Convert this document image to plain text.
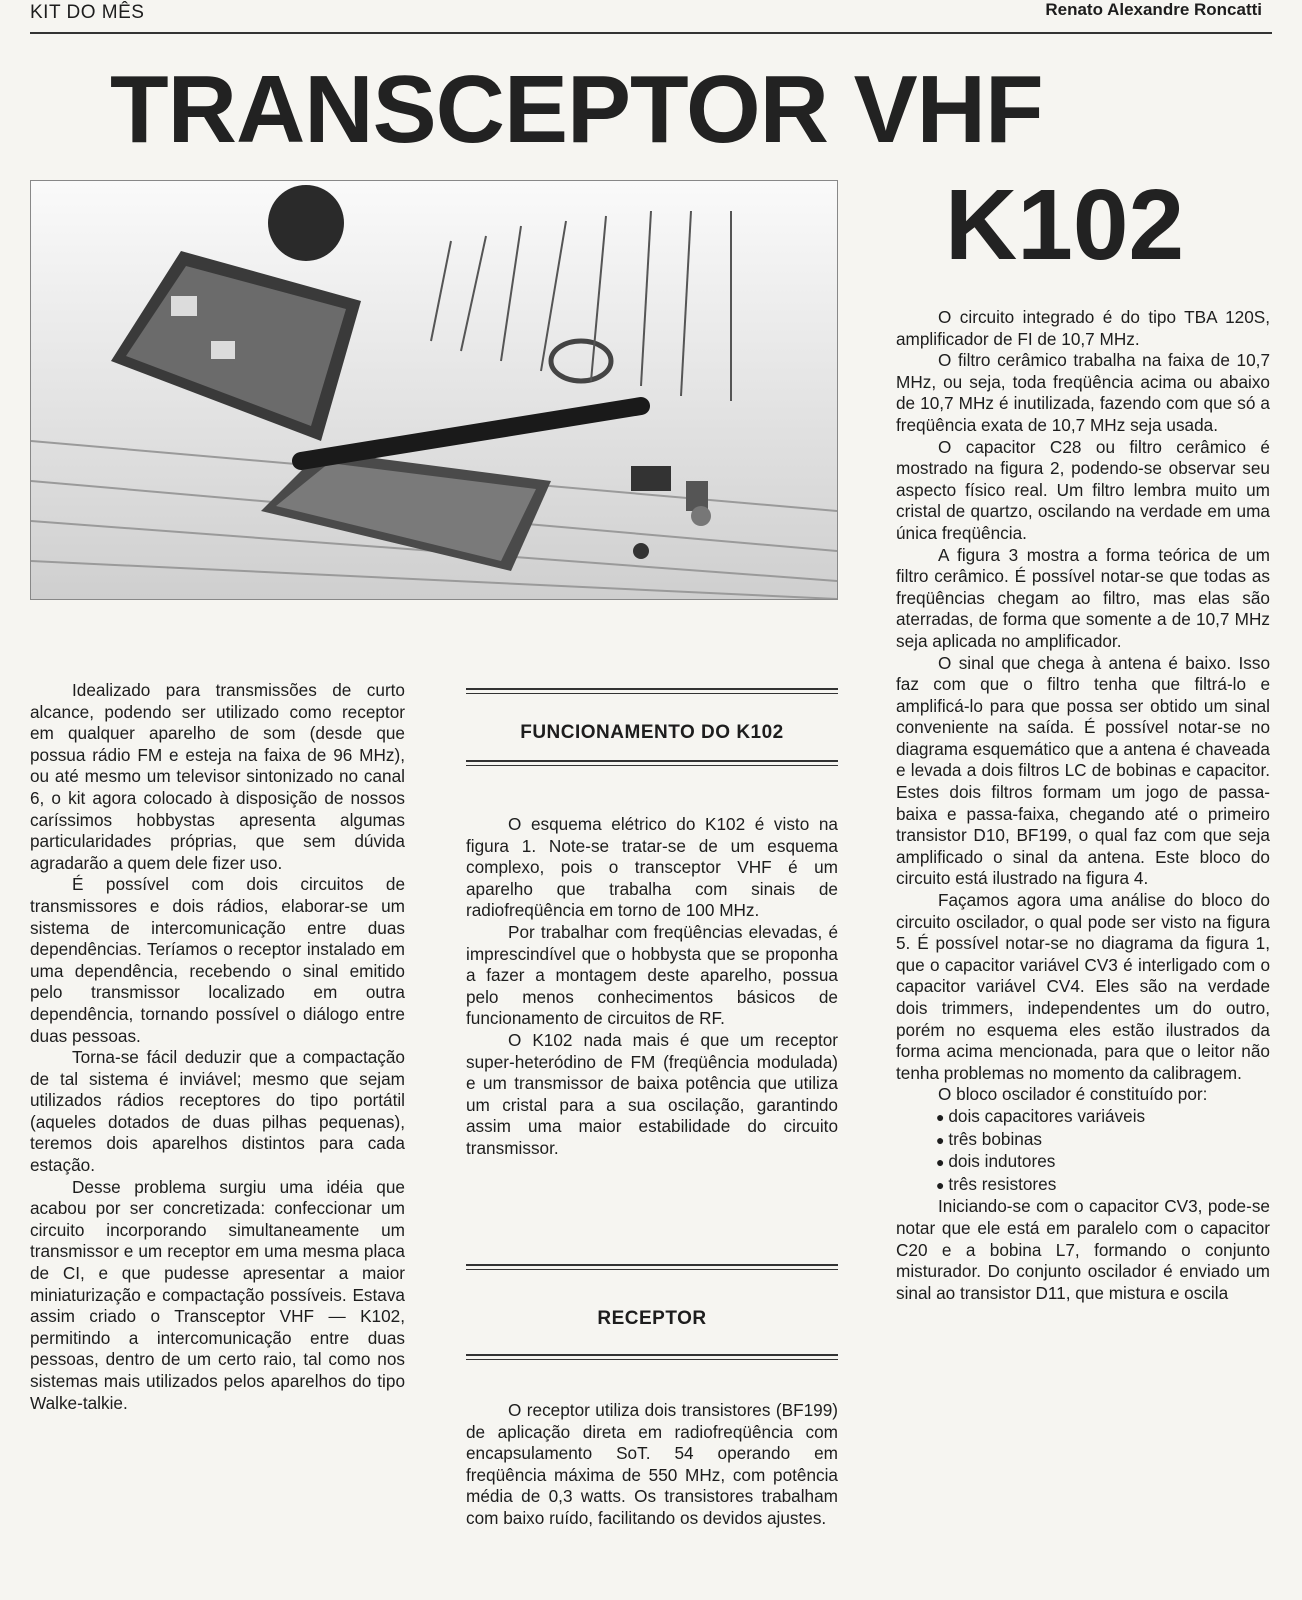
KIT DO MÊS	Renato Alexandre Roncatti
TRANSCEPTOR VHF
K102

Idealizado para transmissões de curto alcance, podendo ser utilizado como receptor em qualquer aparelho de som (desde que possua rádio FM e esteja na faixa de 96 MHz), ou até mesmo um televisor sintonizado no canal 6, o kit agora colocado à disposição de nossos caríssimos hobbystas apresenta algumas particularidades próprias, que sem dúvida agradarão a quem dele fizer uso.

É possível com dois circuitos de transmissores e dois rádios, elaborar-se um sistema de intercomunicação entre duas dependências. Teríamos o receptor instalado em uma dependência, recebendo o sinal emitido pelo transmissor localizado em outra dependência, tornando possível o diálogo entre duas pessoas.

Torna-se fácil deduzir que a compactação de tal sistema é inviável; mesmo que sejam utilizados rádios receptores do tipo portátil (aqueles dotados de duas pilhas pequenas), teremos dois aparelhos distintos para cada estação.

Desse problema surgiu uma idéia que acabou por ser concretizada: confeccionar um circuito incorporando simultaneamente um transmissor e um receptor em uma mesma placa de CI, e que pudesse apresentar a maior miniaturização e compactação possíveis. Estava assim criado o Transceptor VHF — K102, permitindo a intercomunicação entre duas pessoas, dentro de um certo raio, tal como nos sistemas mais utilizados pelos aparelhos do tipo Walke-talkie.

FUNCIONAMENTO DO K102

O esquema elétrico do K102 é visto na figura 1. Note-se tratar-se de um esquema complexo, pois o transceptor VHF é um aparelho que trabalha com sinais de radiofreqüência em torno de 100 MHz.

Por trabalhar com freqüências elevadas, é imprescindível que o hobbysta que se proponha a fazer a montagem deste aparelho, possua pelo menos conhecimentos básicos de funcionamento de circuitos de RF.

O K102 nada mais é que um receptor super-heteródino de FM (freqüência modulada) e um transmissor de baixa potência que utiliza um cristal para a sua oscilação, garantindo assim uma maior estabilidade do circuito transmissor.

RECEPTOR

O receptor utiliza dois transistores (BF199) de aplicação direta em radiofreqüência com encapsulamento SoT. 54 operando em freqüência máxima de 550 MHz, com potência média de 0,3 watts. Os transistores trabalham com baixo ruído, facilitando os devidos ajustes.

O circuito integrado é do tipo TBA 120S, amplificador de FI de 10,7 MHz.

O filtro cerâmico trabalha na faixa de 10,7 MHz, ou seja, toda freqüência acima ou abaixo de 10,7 MHz é inutilizada, fazendo com que só a freqüência exata de 10,7 MHz seja usada.

O capacitor C28 ou filtro cerâmico é mostrado na figura 2, podendo-se observar seu aspecto físico real. Um filtro lembra muito um cristal de quartzo, oscilando na verdade em uma única freqüência.

A figura 3 mostra a forma teórica de um filtro cerâmico. É possível notar-se que todas as freqüências chegam ao filtro, mas elas são aterradas, de forma que somente a de 10,7 MHz seja aplicada no amplificador.

O sinal que chega à antena é baixo. Isso faz com que o filtro tenha que filtrá-lo e amplificá-lo para que possa ser obtido um sinal conveniente na saída. É possível notar-se no diagrama esquemático que a antena é chaveada e levada a dois filtros LC de bobinas e capacitor. Estes dois filtros formam um jogo de passa-baixa e passa-faixa, chegando até o primeiro transistor D10, BF199, o qual faz com que seja amplificado o sinal da antena. Este bloco do circuito está ilustrado na figura 4.

Façamos agora uma análise do bloco do circuito oscilador, o qual pode ser visto na figura 5. É possível notar-se no diagrama da figura 1, que o capacitor variável CV3 é interligado com o capacitor variável CV4. Eles são na verdade dois trimmers, independentes um do outro, porém no esquema eles estão ilustrados da forma acima mencionada, para que o leitor não tenha problemas no momento da calibragem.

O bloco oscilador é constituído por:

● dois capacitores variáveis
● três bobinas
● dois indutores
● três resistores

Iniciando-se com o capacitor CV3, pode-se notar que ele está em paralelo com o capacitor C20 e a bobina L7, formando o conjunto misturador. Do conjunto oscilador é enviado um sinal ao transistor D11, que mistura e oscila
